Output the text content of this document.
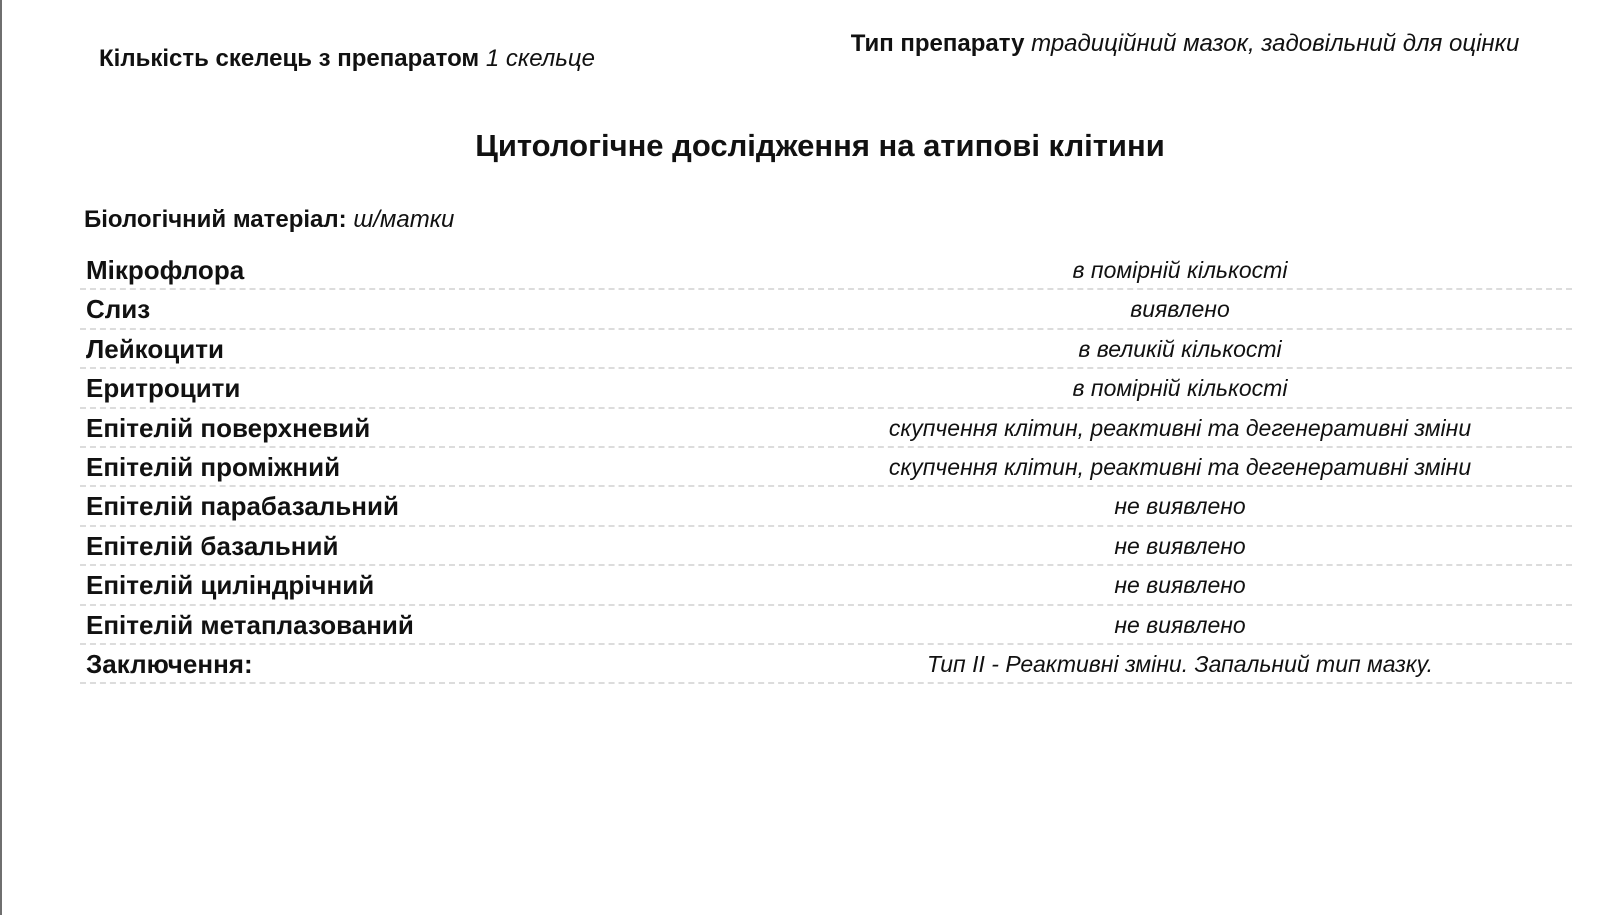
Кількість скелець з препаратом 1 скельце
Тип препарату традиційний мазок, задовільний для оцінки
Цитологічне дослідження на атипові клітини
Біологічний матеріал: ш/матки
Мікрофлора	в помірній кількості
Слиз	виявлено
Лейкоцити	в великій кількості
Еритроцити	в помірній кількості
Епітелій поверхневий	скупчення клітин, реактивні та дегенеративні зміни
Епітелій проміжний	скупчення клітин, реактивні та дегенеративні зміни
Епітелій парабазальний	не виявлено
Епітелій базальний	не виявлено
Епітелій циліндрічний	не виявлено
Епітелій метаплазований	не виявлено
Заключення:	Тип II - Реактивні зміни. Запальний тип мазку.
